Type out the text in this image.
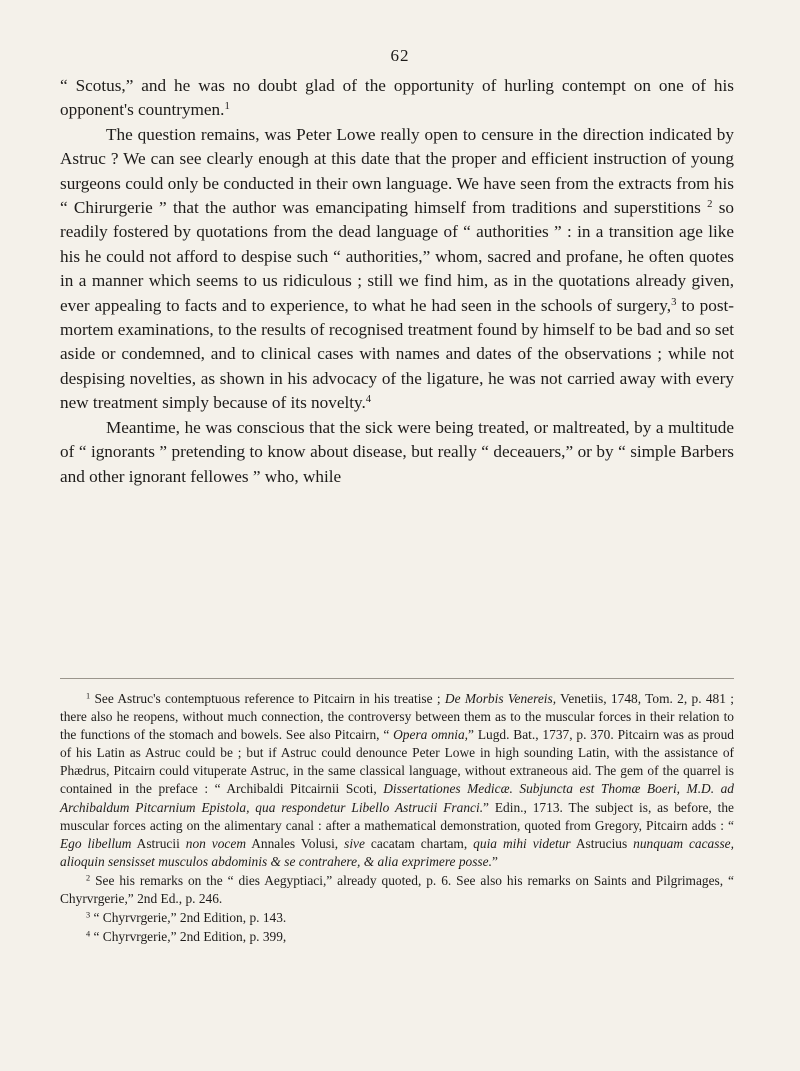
62

“ Scotus,” and he was no doubt glad of the opportunity of hurling contempt on one of his opponent's countrymen.$^1$

The question remains, was Peter Lowe really open to censure in the direction indicated by Astruc ? We can see clearly enough at this date that the proper and efficient instruction of young surgeons could only be conducted in their own language. We have seen from the extracts from his “ Chirurgerie ” that the author was emancipating himself from traditions and superstitions $^2$ so readily fostered by quotations from the dead language of “ authorities ” : in a transition age like his he could not afford to despise such “ authorities,” whom, sacred and profane, he often quotes in a manner which seems to us ridiculous ; still we find him, as in the quotations already given, ever appealing to facts and to experience, to what he had seen in the schools of surgery,$^3$ to post-mortem examinations, to the results of recognised treatment found by himself to be bad and so set aside or condemned, and to clinical cases with names and dates of the observations ; while not despising novelties, as shown in his advocacy of the ligature, he was not carried away with every new treatment simply because of its novelty.$^4$

Meantime, he was conscious that the sick were being treated, or maltreated, by a multitude of “ ignorants ” pretending to know about disease, but really “ deceauers,” or by “ simple Barbers and other ignorant fellowes ” who, while

$^1$ See Astruc's contemptuous reference to Pitcairn in his treatise ; De Morbis Venereis, Venetiis, 1748, Tom. 2, p. 481 ; there also he reopens, without much connection, the controversy between them as to the muscular forces in their relation to the functions of the stomach and bowels. See also Pitcairn, “ Opera omnia,” Lugd. Bat., 1737, p. 370. Pitcairn was as proud of his Latin as Astruc could be ; but if Astruc could denounce Peter Lowe in high sounding Latin, with the assistance of Phædrus, Pitcairn could vituperate Astruc, in the same classical language, without extraneous aid. The gem of the quarrel is contained in the preface : “ Archibaldi Pitcairnii Scoti, Dissertationes Medicæ. Subjuncta est Thomæ Boeri, M.D. ad Archibaldum Pitcarnium Epistola, qua respondetur Libello Astrucii Franci.” Edin., 1713. The subject is, as before, the muscular forces acting on the alimentary canal : after a mathematical demonstration, quoted from Gregory, Pitcairn adds : “ Ego libellum Astrucii non vocem Annales Volusi, sive cacatam chartam, quia mihi videtur Astrucius nunquam cacasse, alioquin sensisset musculos abdominis & se contrahere, & alia exprimere posse.”

$^2$ See his remarks on the “ dies Aegyptiaci,” already quoted, p. 6. See also his remarks on Saints and Pilgrimages, “ Chyrvrgerie,” 2nd Ed., p. 246.

$^3$ “ Chyrvrgerie,” 2nd Edition, p. 143.

$^4$ “ Chyrvrgerie,” 2nd Edition, p. 399,
